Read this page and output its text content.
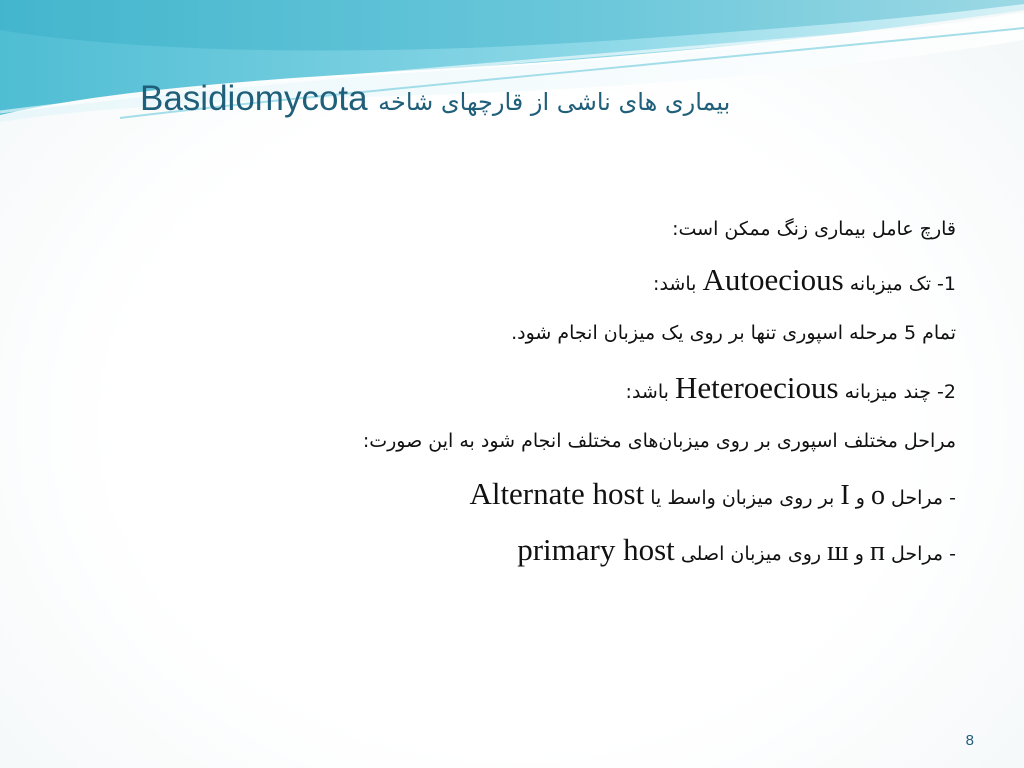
Basidiomycota بیماری های ناشی از قارچهای شاخه
قارچ عامل بیماری زنگ ممکن است:
1- تک میزبانه Autoecious باشد:
تمام 5 مرحله اسپوری تنها بر روی یک میزبان انجام شود.
2- چند میزبانه Heteroecious باشد:
مراحل مختلف اسپوری بر روی میزبان‌های مختلف انجام شود به این صورت:
- مراحل o و I بر روی میزبان واسط یا Alternate host
- مراحل п و ш روی میزبان اصلی primary host
8
